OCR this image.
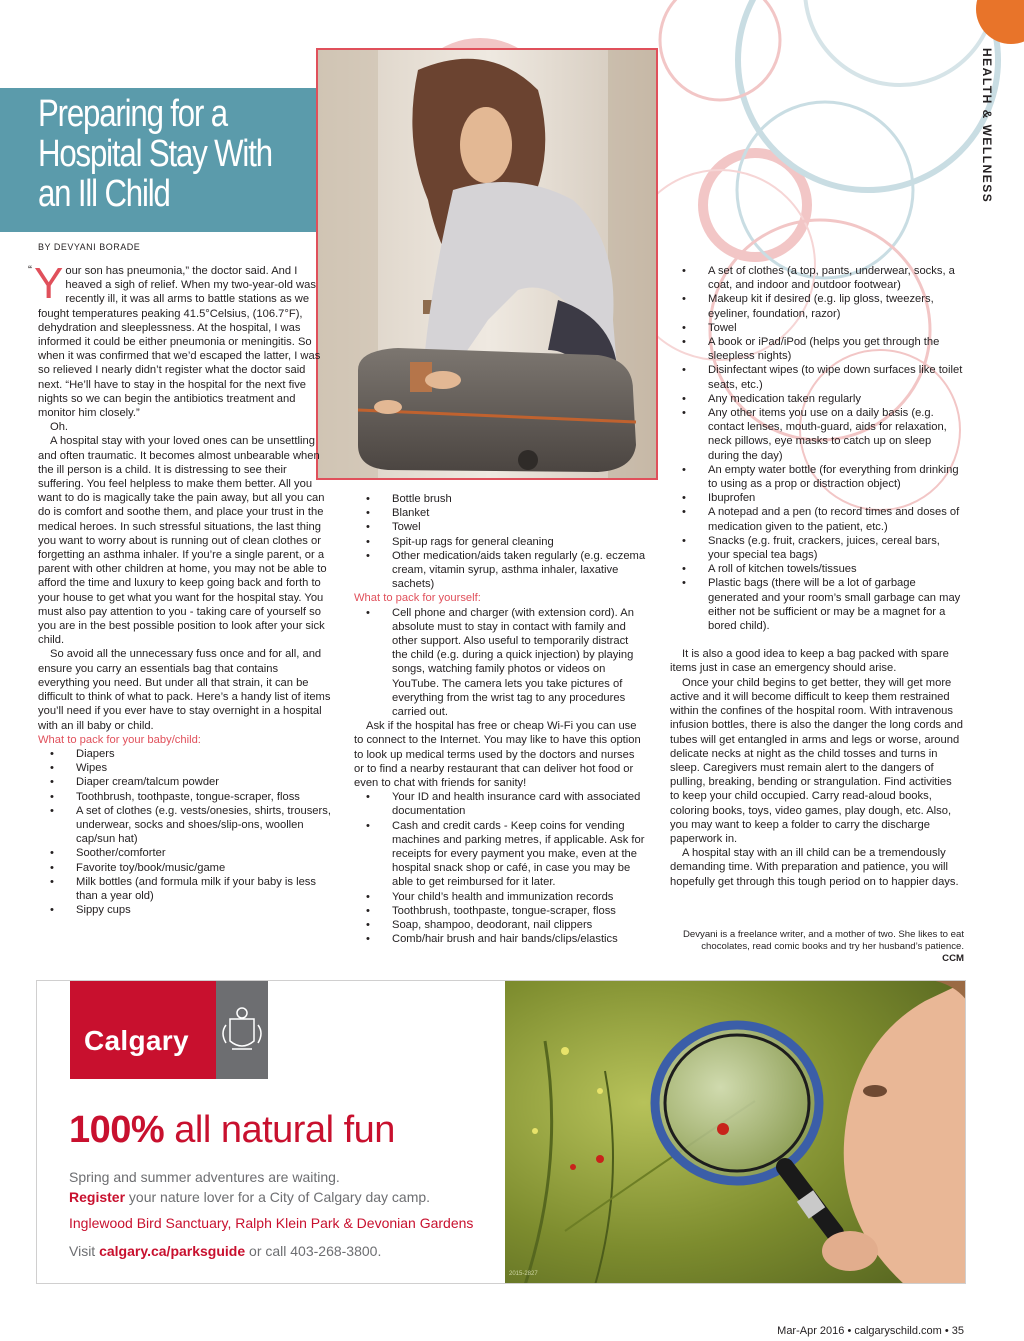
HEALTH & WELLNESS
Preparing for a
Hospital Stay With
an Ill Child
BY DEVYANI BORADE
“ Y our son has pneumonia,” the doctor said. And I heaved a sigh of relief. When my two-year-old was recently ill, it was all arms to battle stations as we fought temperatures peaking 41.5°Celsius, (106.7°F), dehydration and sleeplessness. At the hospital, I was informed it could be either pneumonia or meningitis. So when it was confirmed that we’d escaped the latter, I was so relieved I nearly didn’t register what the doctor said next. “He’ll have to stay in the hospital for the next five nights so we can begin the antibiotics treatment and monitor him closely.”

Oh.

A hospital stay with your loved ones can be unsettling and often traumatic. It becomes almost unbearable when the ill person is a child. It is distressing to see their suffering. You feel helpless to make them better. All you want to do is magically take the pain away, but all you can do is comfort and soothe them, and place your trust in the medical heroes. In such stressful situations, the last thing you want to worry about is running out of clean clothes or forgetting an asthma inhaler. If you’re a single parent, or a parent with other children at home, you may not be able to afford the time and luxury to keep going back and forth to your house to get what you want for the hospital stay. You must also pay attention to you - taking care of yourself so you are in the best possible position to look after your sick child.

So avoid all the unnecessary fuss once and for all, and ensure you carry an essentials bag that contains everything you need. But under all that strain, it can be difficult to think of what to pack. Here’s a handy list of items you’ll need if you ever have to stay overnight in a hospital with an ill baby or child.

What to pack for your baby/child:

• Diapers
• Wipes
• Diaper cream/talcum powder
• Toothbrush, toothpaste, tongue-scraper, floss
• A set of clothes (e.g. vests/onesies, shirts, trousers, underwear, socks and shoes/slip-ons, woollen cap/sun hat)
• Soother/comforter
• Favorite toy/book/music/game
• Milk bottles (and formula milk if your baby is less than a year old)
• Sippy cups
• Bottle brush
• Blanket
• Towel
• Spit-up rags for general cleaning
• Other medication/aids taken regularly (e.g. eczema cream, vitamin syrup, asthma inhaler, laxative sachets)

What to pack for yourself:

• Cell phone and charger (with extension cord). An absolute must to stay in contact with family and other support. Also useful to temporarily distract the child (e.g. during a quick injection) by playing songs, watching family photos or videos on YouTube. The camera lets you take pictures of everything from the wrist tag to any procedures carried out.

Ask if the hospital has free or cheap Wi-Fi you can use to connect to the Internet. You may like to have this option to look up medical terms used by the doctors and nurses or to find a nearby restaurant that can deliver hot food or even to chat with friends for sanity!

• Your ID and health insurance card with associated documentation
• Cash and credit cards - Keep coins for vending machines and parking metres, if applicable. Ask for receipts for every payment you make, even at the hospital snack shop or café, in case you may be able to get reimbursed for it later.
• Your child’s health and immunization records
• Toothbrush, toothpaste, tongue-scraper, floss
• Soap, shampoo, deodorant, nail clippers
• Comb/hair brush and hair bands/clips/elastics
• A set of clothes (a top, pants, underwear, socks, a coat, and indoor and outdoor footwear)
• Makeup kit if desired (e.g. lip gloss, tweezers, eyeliner, foundation, razor)
• Towel
• A book or iPad/iPod (helps you get through the sleepless nights)
• Disinfectant wipes (to wipe down surfaces like toilet seats, etc.)
• Any medication taken regularly
• Any other items you use on a daily basis (e.g. contact lenses, mouth-guard, aids for relaxation, neck pillows, eye masks to catch up on sleep during the day)
• An empty water bottle (for everything from drinking to using as a prop or distraction object)
• Ibuprofen
• A notepad and a pen (to record times and doses of medication given to the patient, etc.)
• Snacks (e.g. fruit, crackers, juices, cereal bars, your special tea bags)
• A roll of kitchen towels/tissues
• Plastic bags (there will be a lot of garbage generated and your room’s small garbage can may either not be sufficient or may be a magnet for a bored child).

It is also a good idea to keep a bag packed with spare items just in case an emergency should arise.

Once your child begins to get better, they will get more active and it will become difficult to keep them restrained within the confines of the hospital room. With intravenous infusion bottles, there is also the danger the long cords and tubes will get entangled in arms and legs or worse, around delicate necks at night as the child tosses and turns in sleep. Caregivers must remain alert to the dangers of pulling, breaking, bending or strangulation. Find activities to keep your child occupied. Carry read-aloud books, coloring books, toys, video games, play dough, etc. Also, you may want to keep a folder to carry the discharge paperwork in.

A hospital stay with an ill child can be a tremendously demanding time. With preparation and patience, you will hopefully get through this tough period on to happier days.

Devyani is a freelance writer, and a mother of two. She likes to eat chocolates, read comic books and try her husband’s patience. CCM
Calgary
100% all natural fun
Spring and summer adventures are waiting.
Register your nature lover for a City of Calgary day camp.
Inglewood Bird Sanctuary, Ralph Klein Park & Devonian Gardens
Visit calgary.ca/parksguide or call 403-268-3800.
2015-2827
Mar-Apr 2016 • calgaryschild.com • 35
